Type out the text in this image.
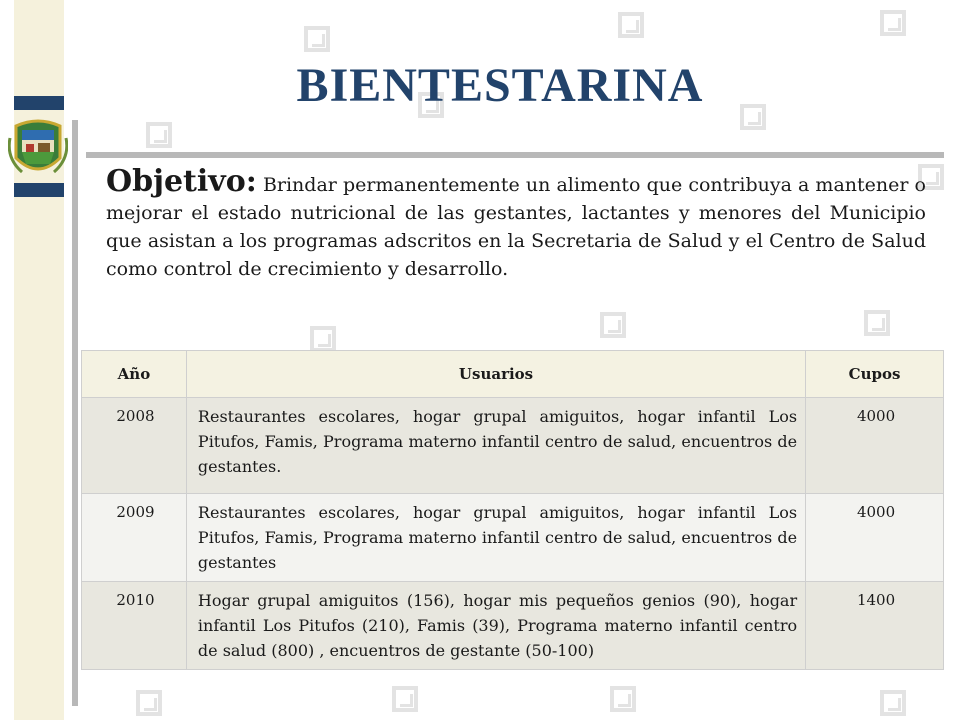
BIENTESTARINA
Objetivo: Brindar permanentemente un alimento que contribuya a mantener o mejorar el estado nutricional de las gestantes, lactantes y menores del Municipio que asistan a los programas adscritos en la Secretaria de Salud y el Centro de Salud como control de crecimiento y desarrollo.
Año	Usuarios	Cupos
2008	Restaurantes escolares, hogar grupal amiguitos, hogar infantil Los Pitufos, Famis, Programa materno infantil centro de salud, encuentros de gestantes.	4000
2009	Restaurantes escolares, hogar grupal amiguitos, hogar infantil Los Pitufos, Famis, Programa materno infantil centro de salud, encuentros de gestantes	4000
2010	Hogar grupal amiguitos (156), hogar mis pequeños genios (90), hogar infantil Los Pitufos (210), Famis (39), Programa materno infantil centro de salud (800) , encuentros de gestante (50-100)	1400
